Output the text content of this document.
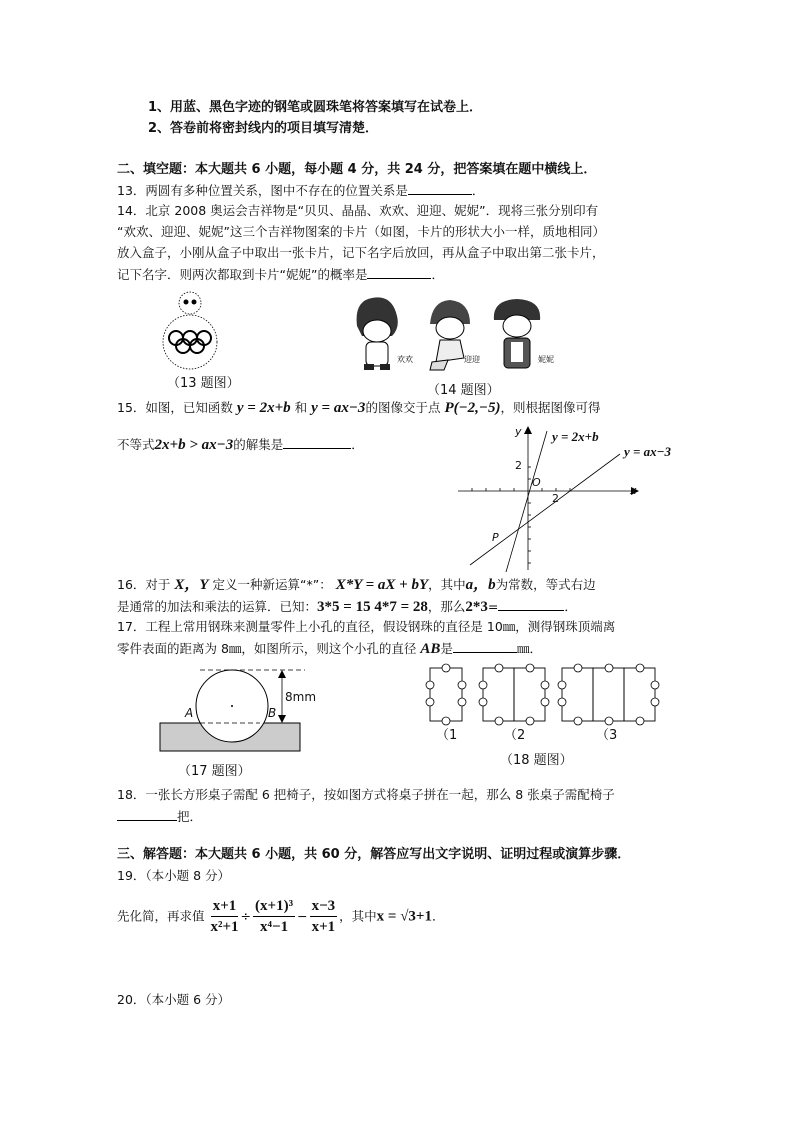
1、用蓝、黑色字迹的钢笔或圆珠笔将答案填写在试卷上．
2、答卷前将密封线内的项目填写清楚．
二、填空题：本大题共 6 小题，每小题 4 分，共 24 分，把答案填在题中横线上．
13．两圆有多种位置关系，图中不存在的位置关系是	．
14．北京 2008 奥运会吉祥物是“贝贝、晶晶、欢欢、迎迎、妮妮”．现将三张分别印有
“欢欢、迎迎、妮妮”这三个吉祥物图案的卡片（如图，卡片的形状大小一样，质地相同）
放入盒子，小刚从盒子中取出一张卡片，记下名字后放回，再从盒子中取出第二张卡片，
记下名字．则两次都取到卡片“妮妮”的概率是	．
（13 题图）
欢欢	迎迎	妮妮
（14 题图）
15．如图，已知函数 y = 2x+b 和 y = ax−3的图像交于点 P(−2,−5)，则根据图像可得
不等式2x+b > ax−3的解集是	．
y
x
O
2
2
P
y = 2x+b
y = ax−3
16．对于 X，Y 定义一种新运算“*”： X*Y = aX + bY，其中a，b为常数，等式右边
是通常的加法和乘法的运算．已知：3*5 = 15 4*7 = 28，那么2*3=	．
17．工程上常用钢珠来测量零件上小孔的直径，假设钢珠的直径是 10㎜，测得钢珠顶端离
零件表面的距离为 8㎜，如图所示，则这个小孔的直径 AB是	㎜．
8mm
A	B
（17 题图）
（1	（2	（3
（18 题图）
18．一张长方形桌子需配 6 把椅子，按如图方式将桌子拼在一起，那么 8 张桌子需配椅子
把．
三、解答题：本大题共 6 小题，共 60 分，解答应写出文字说明、证明过程或演算步骤．
19．（本小题 8 分）
先化简，再求值 $\frac{x+1}{\text{x²+1}} \div \frac{\text{(x+1)³}}{\text{x⁴−1}} - \frac{x-3}{x+1}$ ，其中x = √3+1．
20．（本小题 6 分）
